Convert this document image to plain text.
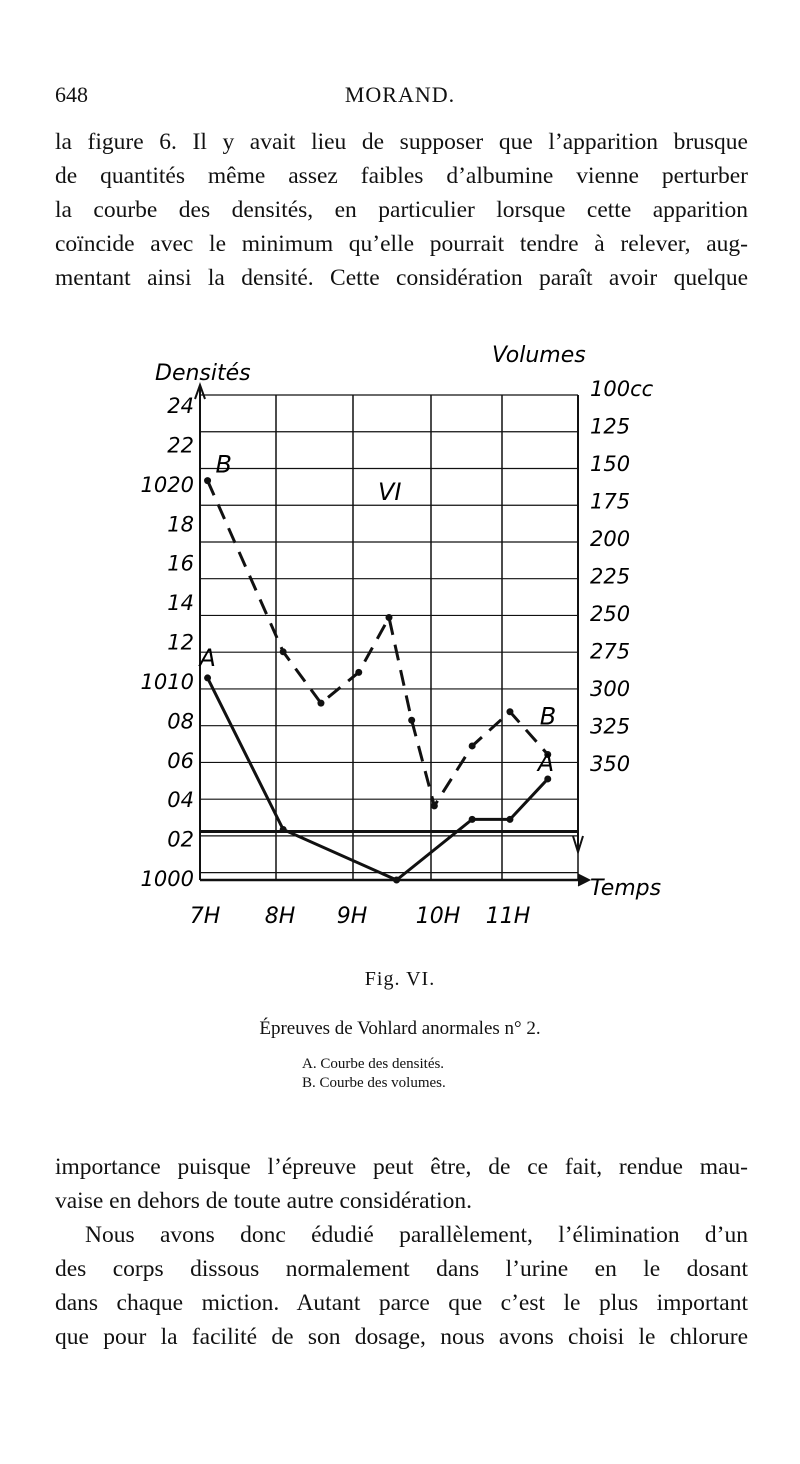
648	MORAND.
la figure 6. Il y avait lieu de supposer que l’apparition brusque
de quantités même assez faibles d’albumine vienne perturber
la courbe des densités, en particulier lorsque cette apparition
coïncide avec le minimum qu’elle pourrait tendre à relever, aug-
mentant ainsi la densité. Cette considération paraît avoir quelque
24
22
1020
18
16
14
12
1010
08
06
04
02
1000
100cc
125
150
175
200
225
250
275
300
325
350
7H 8H 9H 10H 11H
Densités
Volumes
Temps
VI
A
A
B
B
Fig. VI.
Épreuves de Vohlard anormales n° 2.
A. Courbe des densités.
B. Courbe des volumes.
importance puisque l’épreuve peut être, de ce fait, rendue mau-
vaise en dehors de toute autre considération.
Nous avons donc édudié parallèlement, l’élimination d’un
des corps dissous normalement dans l’urine en le dosant
dans chaque miction. Autant parce que c’est le plus important
que pour la facilité de son dosage, nous avons choisi le chlorure
